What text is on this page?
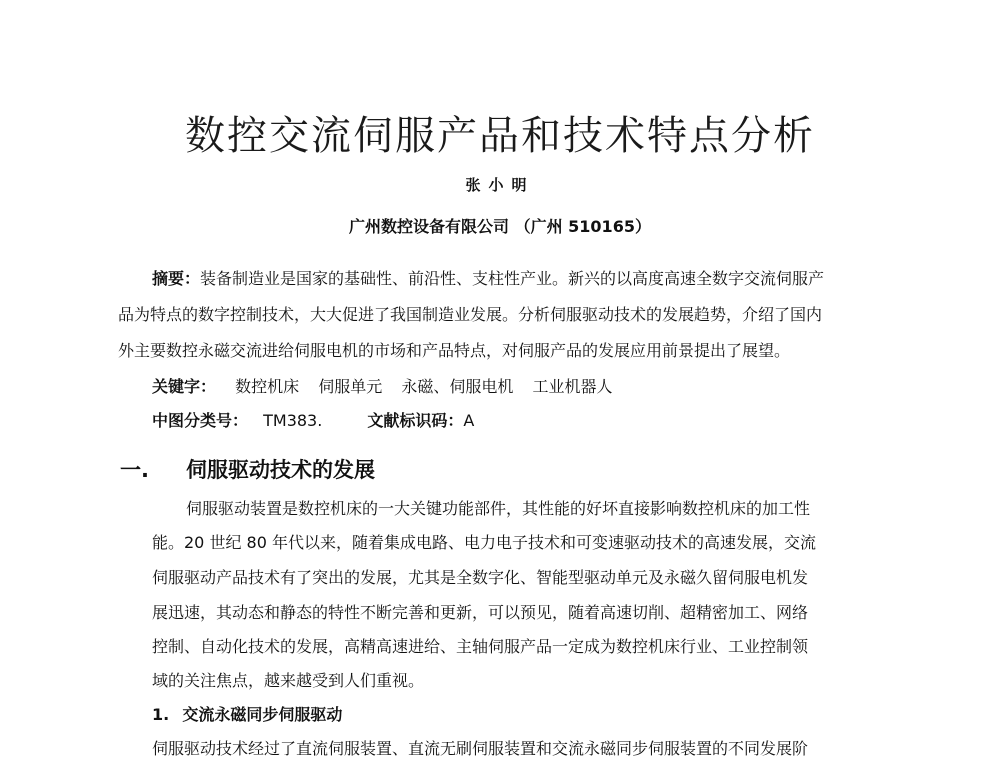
数控交流伺服产品和技术特点分析
张小明
广州数控设备有限公司 （广州 510165）
摘要：装备制造业是国家的基础性、前沿性、支柱性产业。新兴的以高度高速全数字交流伺服产
品为特点的数字控制技术，大大促进了我国制造业发展。分析伺服驱动技术的发展趋势，介绍了国内
外主要数控永磁交流进给伺服电机的市场和产品特点，对伺服产品的发展应用前景提出了展望。
关键字： 数控机床 伺服单元 永磁、伺服电机 工业机器人
中图分类号： TM383.	文献标识码：A
一. 伺服驱动技术的发展
伺服驱动装置是数控机床的一大关键功能部件，其性能的好坏直接影响数控机床的加工性
能。20 世纪 80 年代以来，随着集成电路、电力电子技术和可变速驱动技术的高速发展，交流
伺服驱动产品技术有了突出的发展，尤其是全数字化、智能型驱动单元及永磁久留伺服电机发
展迅速，其动态和静态的特性不断完善和更新，可以预见，随着高速切削、超精密加工、网络
控制、自动化技术的发展，高精高速进给、主轴伺服产品一定成为数控机床行业、工业控制领
域的关注焦点，越来越受到人们重视。
1. 交流永磁同步伺服驱动
伺服驱动技术经过了直流伺服装置、直流无刷伺服装置和交流永磁同步伺服装置的不同发展阶
